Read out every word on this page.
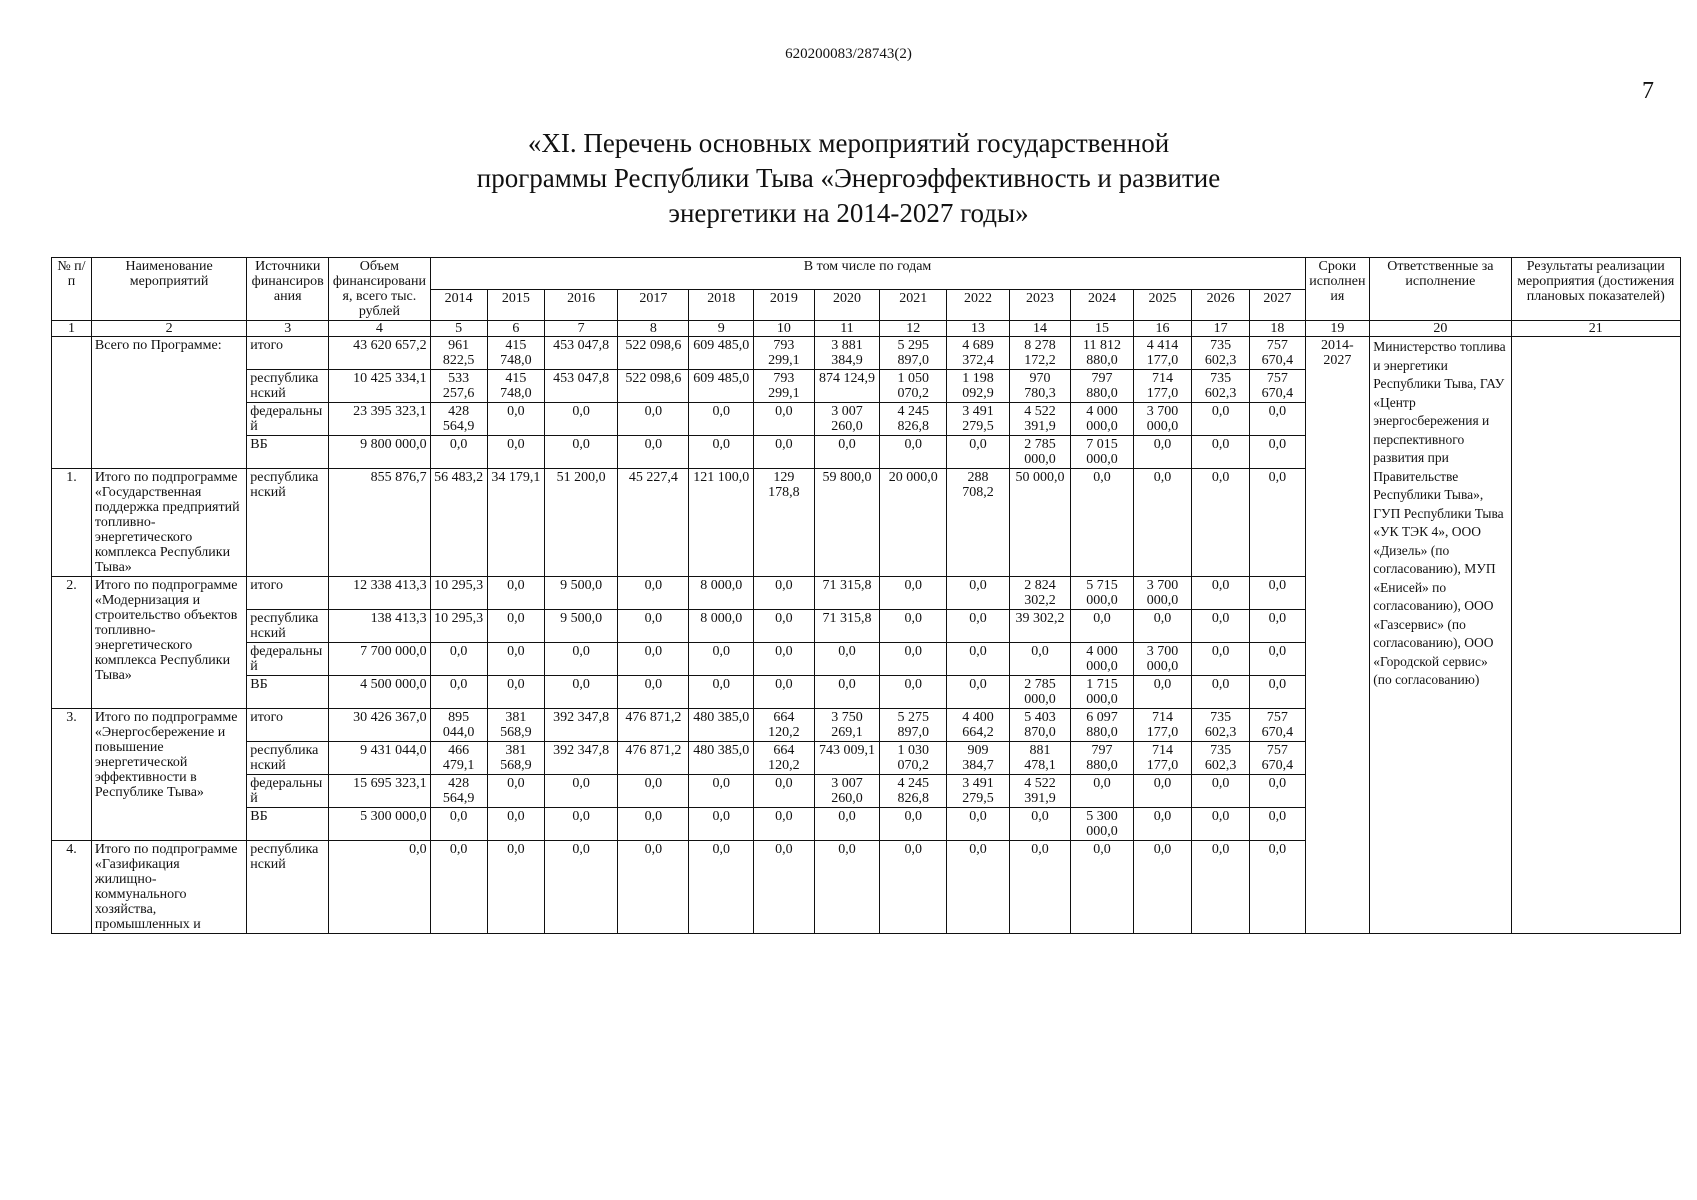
620200083/28743(2)
7
«XI. Перечень основных мероприятий государственной
программы Республики Тыва «Энергоэффективность и развитие
энергетики на 2014-2027 годы»
№ п/п	Наименование мероприятий	Источники финансирования	Объем финансирования, всего тыс. рублей	В том числе по годам														Сроки исполнения	Ответственные за исполнение	Результаты реализации мероприятия (достижения плановых показателей)
				2014	2015	2016	2017	2018	2019	2020	2021	2022	2023	2024	2025	2026	2027			
1	2	3	4	5	6	7	8	9	10	11	12	13	14	15	16	17	18	19	20	21
	Всего по Программе:	итого	43 620 657,2	961 822,5	415 748,0	453 047,8	522 098,6	609 485,0	793 299,1	3 881 384,9	5 295 897,0	4 689 372,4	8 278 172,2	11 812 880,0	4 414 177,0	735 602,3	757 670,4	2014-2027	Министерство топлива и энергетики Республики Тыва, ГАУ «Центр энергосбережения и перспективного развития при Правительстве Республики Тыва», ГУП Республики Тыва «УК ТЭК 4», ООО «Дизель» (по согласованию), МУП «Енисей» по согласованию), ООО «Газсервис» (по согласованию), ООО «Городской сервис» (по согласованию)	
		республиканский	10 425 334,1	533 257,6	415 748,0	453 047,8	522 098,6	609 485,0	793 299,1	874 124,9	1 050 070,2	1 198 092,9	970 780,3	797 880,0	714 177,0	735 602,3	757 670,4			
		федеральный	23 395 323,1	428 564,9	0,0	0,0	0,0	0,0	0,0	3 007 260,0	4 245 826,8	3 491 279,5	4 522 391,9	4 000 000,0	3 700 000,0	0,0	0,0			
		ВБ	9 800 000,0	0,0	0,0	0,0	0,0	0,0	0,0	0,0	0,0	0,0	2 785 000,0	7 015 000,0	0,0	0,0	0,0			
1.	Итого по подпрограмме «Государственная поддержка предприятий топливно-энергетического комплекса Республики Тыва»	республиканский	855 876,7	56 483,2	34 179,1	51 200,0	45 227,4	121 100,0	129 178,8	59 800,0	20 000,0	288 708,2	50 000,0	0,0	0,0	0,0	0,0			
2.	Итого по подпрограмме «Модернизация и строительство объектов топливно-энергетического комплекса Республики Тыва»	итого	12 338 413,3	10 295,3	0,0	9 500,0	0,0	8 000,0	0,0	71 315,8	0,0	0,0	2 824 302,2	5 715 000,0	3 700 000,0	0,0	0,0			
		республиканский	138 413,3	10 295,3	0,0	9 500,0	0,0	8 000,0	0,0	71 315,8	0,0	0,0	39 302,2	0,0	0,0	0,0	0,0			
		федеральный	7 700 000,0	0,0	0,0	0,0	0,0	0,0	0,0	0,0	0,0	0,0	0,0	4 000 000,0	3 700 000,0	0,0	0,0			
		ВБ	4 500 000,0	0,0	0,0	0,0	0,0	0,0	0,0	0,0	0,0	0,0	2 785 000,0	1 715 000,0	0,0	0,0	0,0			
3.	Итого по подпрограмме «Энергосбережение и повышение энергетической эффективности в Республике Тыва»	итого	30 426 367,0	895 044,0	381 568,9	392 347,8	476 871,2	480 385,0	664 120,2	3 750 269,1	5 275 897,0	4 400 664,2	5 403 870,0	6 097 880,0	714 177,0	735 602,3	757 670,4			
		республиканский	9 431 044,0	466 479,1	381 568,9	392 347,8	476 871,2	480 385,0	664 120,2	743 009,1	1 030 070,2	909 384,7	881 478,1	797 880,0	714 177,0	735 602,3	757 670,4			
		федеральный	15 695 323,1	428 564,9	0,0	0,0	0,0	0,0	0,0	3 007 260,0	4 245 826,8	3 491 279,5	4 522 391,9	0,0	0,0	0,0	0,0			
		ВБ	5 300 000,0	0,0	0,0	0,0	0,0	0,0	0,0	0,0	0,0	0,0	0,0	5 300 000,0	0,0	0,0	0,0			
4.	Итого по подпрограмме «Газификация жилищно-коммунального хозяйства, промышленных и	республиканский	0,0	0,0	0,0	0,0	0,0	0,0	0,0	0,0	0,0	0,0	0,0	0,0	0,0	0,0	0,0			
